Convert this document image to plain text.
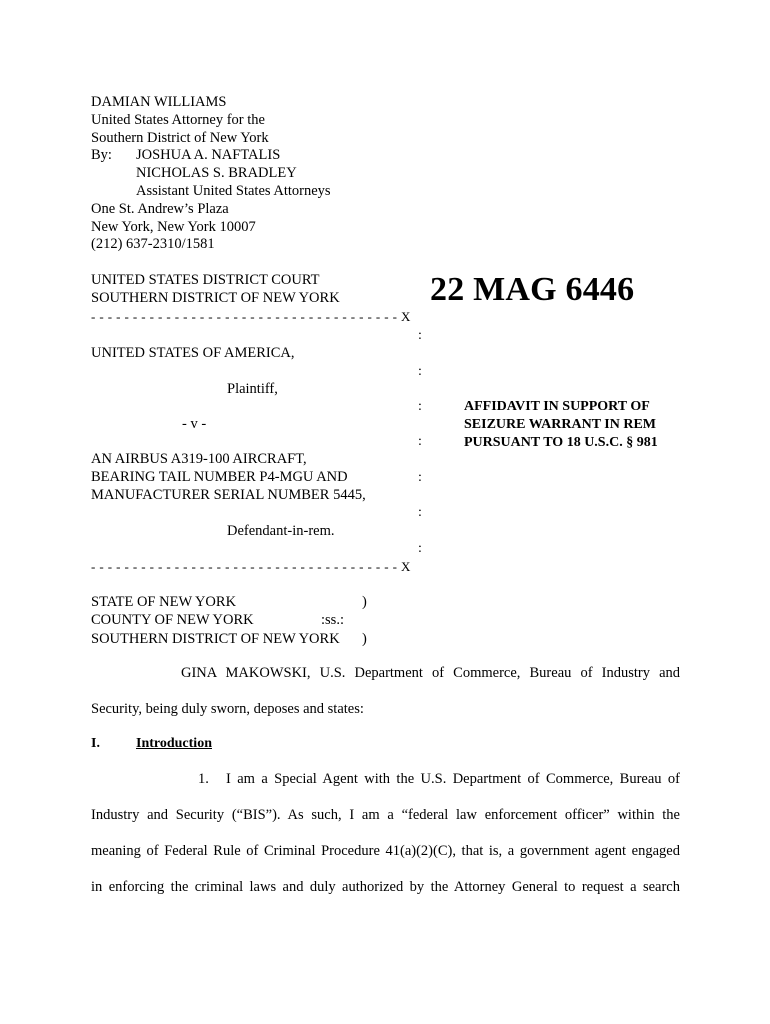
DAMIAN WILLIAMS
United States Attorney for the
Southern District of New York
By:	JOSHUA A. NAFTALIS
NICHOLAS S. BRADLEY
Assistant United States Attorneys
One St. Andrew’s Plaza
New York, New York 10007
(212) 637-2310/1581
UNITED STATES DISTRICT COURT
SOUTHERN DISTRICT OF NEW YORK	22 MAG 6446
- - - - - - - - - - - - - - - - - - - - - - - - - - - - - - - - - - - - - X
:
UNITED STATES OF AMERICA,
:
Plaintiff,
:
- v -
:
AN AIRBUS A319-100 AIRCRAFT,
BEARING TAIL NUMBER P4-MGU AND	:
MANUFACTURER SERIAL NUMBER 5445,
:
Defendant-in-rem.
:
- - - - - - - - - - - - - - - - - - - - - - - - - - - - - - - - - - - - - X
AFFIDAVIT IN SUPPORT OF
SEIZURE WARRANT IN REM
PURSUANT TO 18 U.S.C. § 981
STATE OF NEW YORK	)
COUNTY OF NEW YORK	:ss.:
SOUTHERN DISTRICT OF NEW YORK )
GINA MAKOWSKI, U.S. Department of Commerce, Bureau of Industry and
Security, being duly sworn, deposes and states:
I.	Introduction
1. I am a Special Agent with the U.S. Department of Commerce, Bureau of
Industry and Security (“BIS”). As such, I am a “federal law enforcement officer” within the
meaning of Federal Rule of Criminal Procedure 41(a)(2)(C), that is, a government agent engaged
in enforcing the criminal laws and duly authorized by the Attorney General to request a search
